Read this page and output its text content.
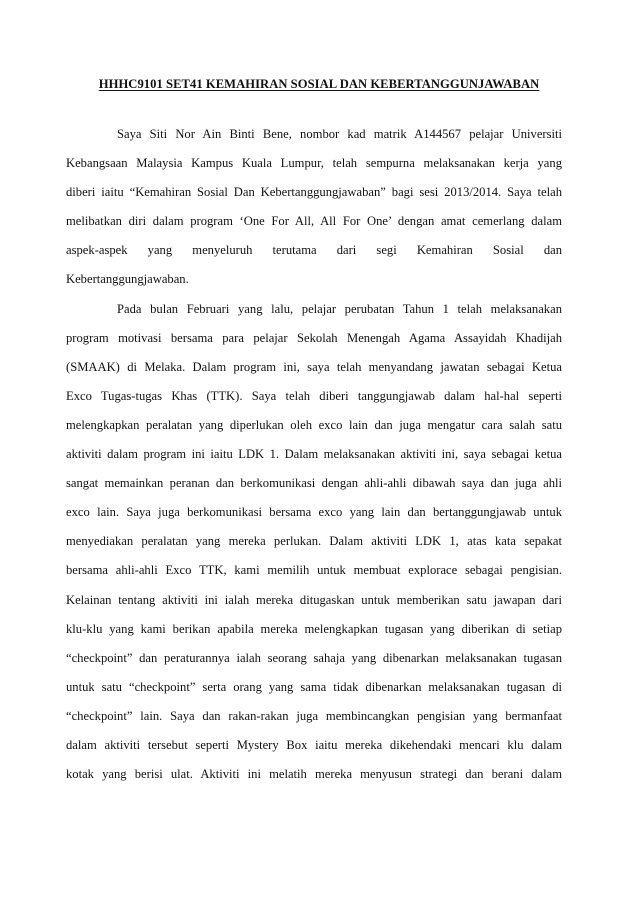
HHHC9101 SET41 KEMAHIRAN SOSIAL DAN KEBERTANGGUNJAWABAN
Saya Siti Nor Ain Binti Bene, nombor kad matrik A144567 pelajar Universiti
Kebangsaan Malaysia Kampus Kuala Lumpur, telah sempurna melaksanakan kerja yang
diberi iaitu “Kemahiran Sosial Dan Kebertanggungjawaban” bagi sesi 2013/2014. Saya telah
melibatkan diri dalam program ‘One For All, All For One’ dengan amat cemerlang dalam
aspek-aspek yang menyeluruh terutama dari segi Kemahiran Sosial dan
Kebertanggungjawaban.
Pada bulan Februari yang lalu, pelajar perubatan Tahun 1 telah melaksanakan
program motivasi bersama para pelajar Sekolah Menengah Agama Assayidah Khadijah
(SMAAK) di Melaka. Dalam program ini, saya telah menyandang jawatan sebagai Ketua
Exco Tugas-tugas Khas (TTK). Saya telah diberi tanggungjawab dalam hal-hal seperti
melengkapkan peralatan yang diperlukan oleh exco lain dan juga mengatur cara salah satu
aktiviti dalam program ini iaitu LDK 1. Dalam melaksanakan aktiviti ini, saya sebagai ketua
sangat memainkan peranan dan berkomunikasi dengan ahli-ahli dibawah saya dan juga ahli
exco lain. Saya juga berkomunikasi bersama exco yang lain dan bertanggungjawab untuk
menyediakan peralatan yang mereka perlukan. Dalam aktiviti LDK 1, atas kata sepakat
bersama ahli-ahli Exco TTK, kami memilih untuk membuat explorace sebagai pengisian.
Kelainan tentang aktiviti ini ialah mereka ditugaskan untuk memberikan satu jawapan dari
klu-klu yang kami berikan apabila mereka melengkapkan tugasan yang diberikan di setiap
“checkpoint” dan peraturannya ialah seorang sahaja yang dibenarkan melaksanakan tugasan
untuk satu “checkpoint” serta orang yang sama tidak dibenarkan melaksanakan tugasan di
“checkpoint” lain. Saya dan rakan-rakan juga membincangkan pengisian yang bermanfaat
dalam aktiviti tersebut seperti Mystery Box iaitu mereka dikehendaki mencari klu dalam
kotak yang berisi ulat. Aktiviti ini melatih mereka menyusun strategi dan berani dalam
